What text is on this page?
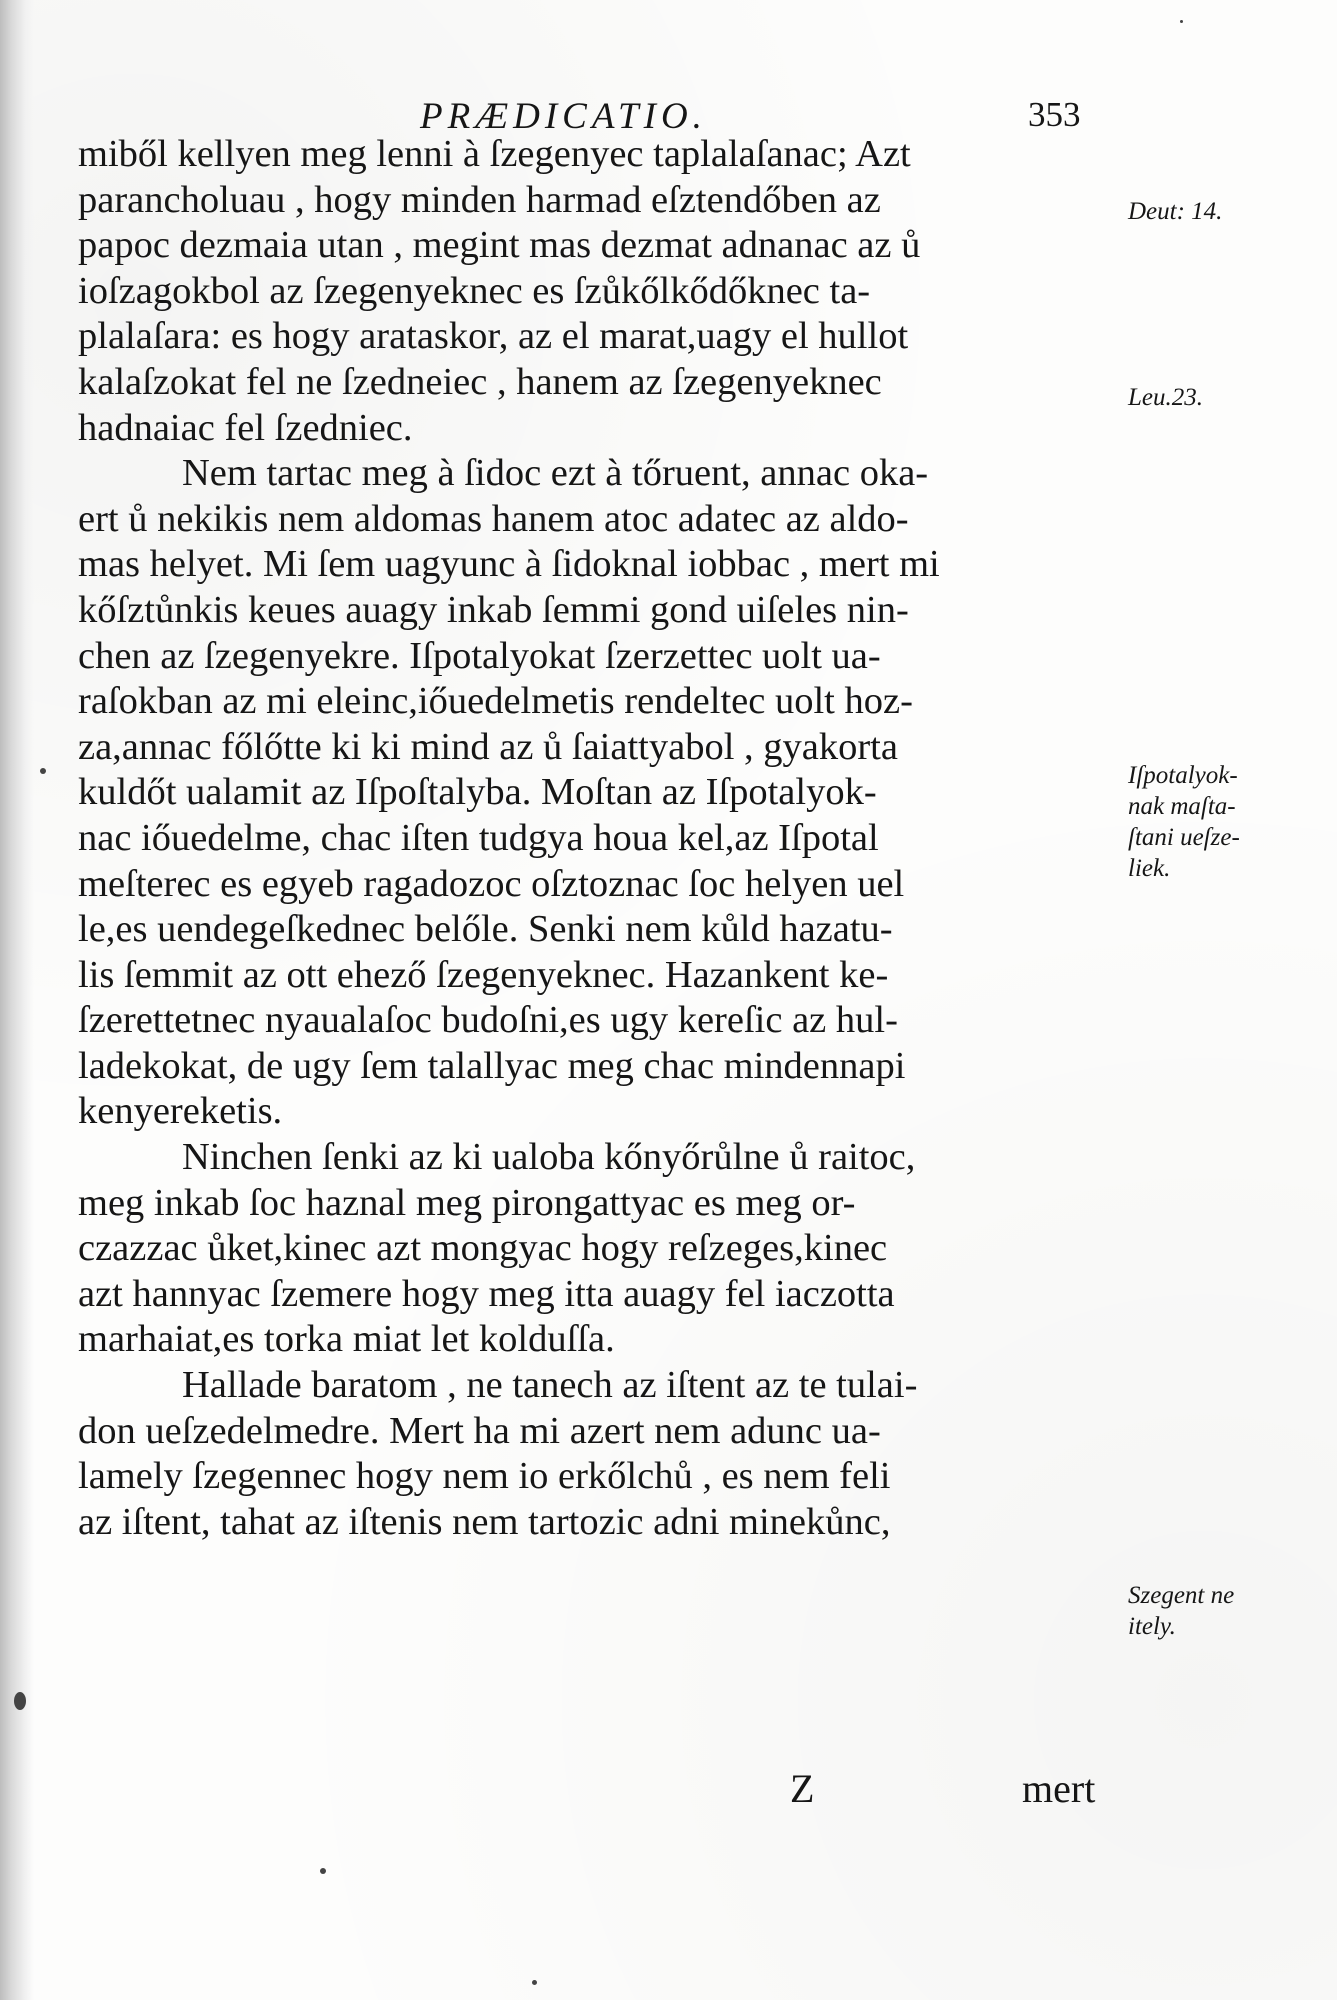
PRÆDICATIO.	353
miből kellyen meg lenni à ſzegenyec taplalaſanac; Azt
parancholuau , hogy minden harmad eſztendőben az
papoc dezmaia utan , megint mas dezmat adnanac az ů
ioſzagokbol az ſzegenyeknec es ſzůkőlkődőknec ta-
plalaſara: es hogy arataskor, az el marat,uagy el hullot
kalaſzokat fel ne ſzedneiec , hanem az ſzegenyeknec
hadnaiac fel ſzedniec.
Nem tartac meg à ſidoc ezt à tőruent, annac oka-
ert ů nekikis nem aldomas hanem atoc adatec az aldo-
mas helyet. Mi ſem uagyunc à ſidoknal iobbac , mert mi
kőſztůnkis keues auagy inkab ſemmi gond uiſeles nin-
chen az ſzegenyekre. Iſpotalyokat ſzerzettec uolt ua-
raſokban az mi eleinc,iőuedelmetis rendeltec uolt hoz-
za,annac főlőtte ki ki mind az ů ſaiattyabol , gyakorta
kuldőt ualamit az Iſpoſtalyba. Moſtan az Iſpotalyok-
nac iőuedelme, chac iſten tudgya houa kel,az Iſpotal
meſterec es egyeb ragadozoc oſztoznac ſoc helyen uel
le,es uendegeſkednec belőle. Senki nem kůld hazatu-
lis ſemmit az ott ehező ſzegenyeknec. Hazankent ke-
ſzerettetnec nyaualaſoc budoſni,es ugy kereſic az hul-
ladekokat, de ugy ſem talallyac meg chac mindennapi
kenyereketis.
Ninchen ſenki az ki ualoba kőnyőrůlne ů raitoc,
meg inkab ſoc haznal meg pirongattyac es meg or-
czazzac ůket,kinec azt mongyac hogy reſzeges,kinec
azt hannyac ſzemere hogy meg itta auagy fel iaczotta
marhaiat,es torka miat let kolduſſa.
Hallade baratom , ne tanech az iſtent az te tulai-
don ueſzedelmedre. Mert ha mi azert nem adunc ua-
lamely ſzegennec hogy nem io erkőlchů , es nem feli
az iſtent, tahat az iſtenis nem tartozic adni minekůnc,
Deut: 14.
Leu.23.
Iſpotalyok-
nak maſta-
ſtani ueſze-
liek.
Szegent ne
itely.
Z	mert
